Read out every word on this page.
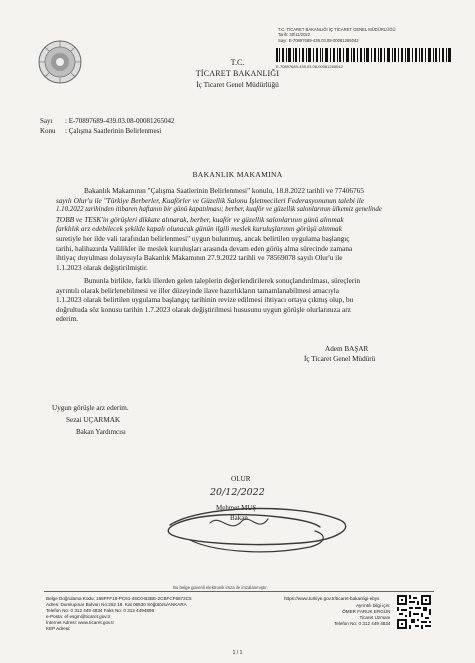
T.C. TİCARET BAKANLIĞI İÇ TİCARET GENEL MÜDÜRLÜĞÜ
Tarih: 30/11/2022
Sayı: E-70897689-439.03.08-00081265042
E-70897689-439.03.08-00081265042
T.C.
TİCARET BAKANLIĞI
İç Ticaret Genel Müdürlüğü
Sayı : E-70897689-439.03.08-00081265042
Konu : Çalışma Saatlerinin Belirlenmesi
BAKANLIK MAKAMINA
Bakanlık Makamının "Çalışma Saatlerinin Belirlenmesi" konulu, 18.8.2022 tarihli ve 77406765
sayılı Olur'u ile "Türkiye Berberler, Kuaförler ve Güzellik Salonu İşletmecileri Federasyonunun talebi ile
1.10.2022 tarihinden itibaren haftanın bir günü kapatılması; berber, kuaför ve güzellik salonlarının ülkemiz genelinde
TOBB ve TESK'in görüşleri dikkate alınarak, berber, kuaför ve güzellik salonlarının günü alınmak
farklılık arz edebilecek şekilde kapalı olunacak günün ilgili meslek kuruluşlarının görüşü alınmak
suretiyle her ilde vali tarafından belirlenmesi" uygun bulunmuş, ancak belirtilen uygulama başlangıç
tarihi, halihazırda Valilikler ile meslek kuruluşları arasında devam eden görüş alma sürecinde zamana
ihtiyaç duyulması dolayısıyla Bakanlık Makamının 27.9.2022 tarihli ve 78569078 sayılı Olur'u ile
1.1.2023 olarak değiştirilmiştir.
Bununla birlikte, farklı illerden gelen taleplerin değerlendirilerek sonuçlandırılması, süreçlerin
ayrıntılı olarak belirlenebilmesi ve iller düzeyinde ilave hazırlıkların tamamlanabilmesi amacıyla
1.1.2023 olarak belirtilen uygulama başlangıç tarihinin revize edilmesi ihtiyacı ortaya çıkmış olup, bu
doğrultuda söz konusu tarihin 1.7.2023 olarak değiştirilmesi hususunu uygun görüşle olurlarınıza arz
ederim.
Adem BAŞAR
İç Ticaret Genel Müdürü
Uygun görüşle arz ederim.
Sezai UÇARMAK
Bakan Yardımcısı
OLUR
20/12/2022
Mehmet MUŞ
Bakan
Bu belge güvenli elektronik imza ile imzalanmıştır.
Belge Doğrulama Kodu: 168FFF18-PC91-45C0-B2BE-2CBFCF6672C5
Adres: Dumlupınar Bulvarı No:252 18. Kat 06530 Söğütözü/ANKARA
Telefon No: 0 312 449 4834 Faks No: 0 312 4494898
e-Posta: ef.esgm@ticaret.gov.tr
İnternet Adresi: www.ticaret.gov.tr
KEP Adresi:
https://www.turkiye.gov.tr/ticaret-bakanligi-ebys
Ayrıntılı bilgi için:
ÖMER FARUK ERGÜN
Ticaret Uzmanı
Telefon No: 0 312 449 4834
1 / 1
